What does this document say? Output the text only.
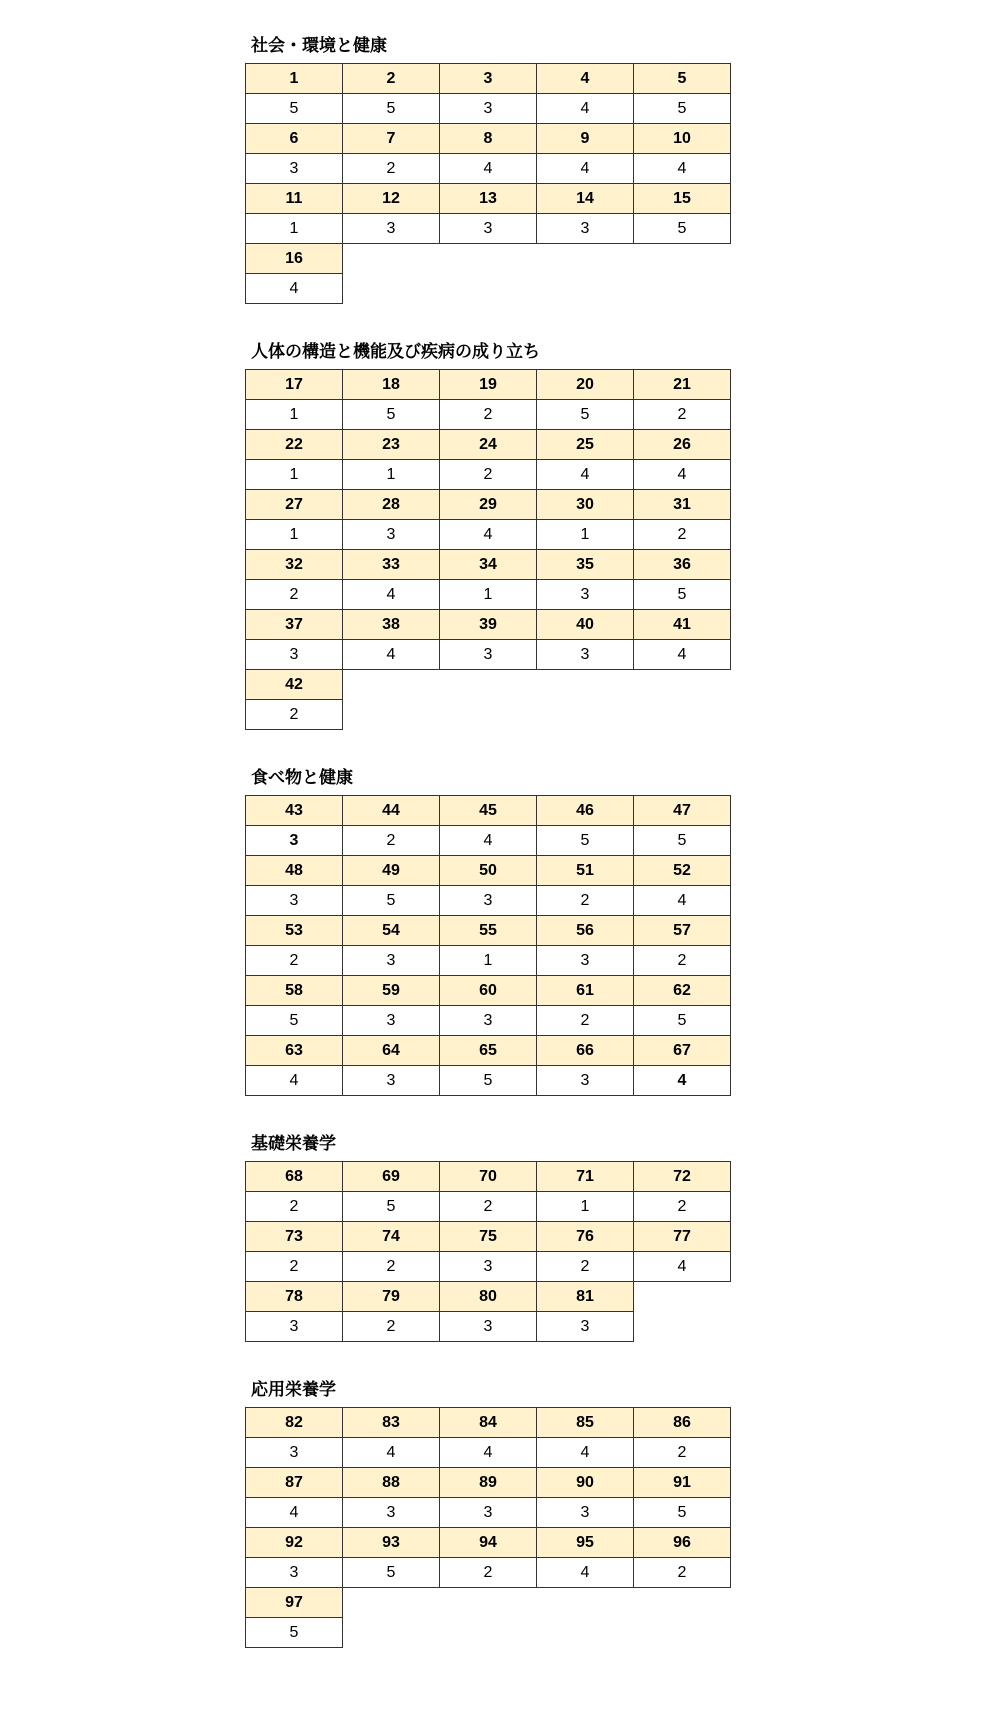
社会・環境と健康
1	2	3	4	5
5	5	3	4	5
6	7	8	9	10
3	2	4	4	4
11	12	13	14	15
1	3	3	3	5
16				
4				
人体の構造と機能及び疾病の成り立ち
17	18	19	20	21
1	5	2	5	2
22	23	24	25	26
1	1	2	4	4
27	28	29	30	31
1	3	4	1	2
32	33	34	35	36
2	4	1	3	5
37	38	39	40	41
3	4	3	3	4
42				
2				
食べ物と健康
43	44	45	46	47
3	2	4	5	5
48	49	50	51	52
3	5	3	2	4
53	54	55	56	57
2	3	1	3	2
58	59	60	61	62
5	3	3	2	5
63	64	65	66	67
4	3	5	3	4
基礎栄養学
68	69	70	71	72
2	5	2	1	2
73	74	75	76	77
2	2	3	2	4
78	79	80	81	
3	2	3	3	
応用栄養学
82	83	84	85	86
3	4	4	4	2
87	88	89	90	91
4	3	3	3	5
92	93	94	95	96
3	5	2	4	2
97				
5				
